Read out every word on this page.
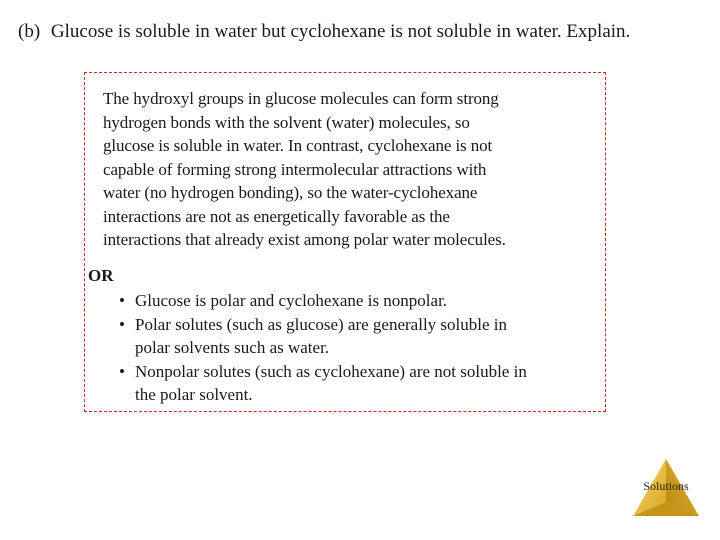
(b) Glucose is soluble in water but cyclohexane is not soluble in water. Explain.
The hydroxyl groups in glucose molecules can form strong
hydrogen bonds with the solvent (water) molecules, so
glucose is soluble in water. In contrast, cyclohexane is not
capable of forming strong intermolecular attractions with
water (no hydrogen bonding), so the water-cyclohexane
interactions are not as energetically favorable as the
interactions that already exist among polar water molecules.
OR
• Glucose is polar and cyclohexane is nonpolar.
• Polar solutes (such as glucose) are generally soluble in
polar solvents such as water.
• Nonpolar solutes (such as cyclohexane) are not soluble in
the polar solvent.
Solutions
